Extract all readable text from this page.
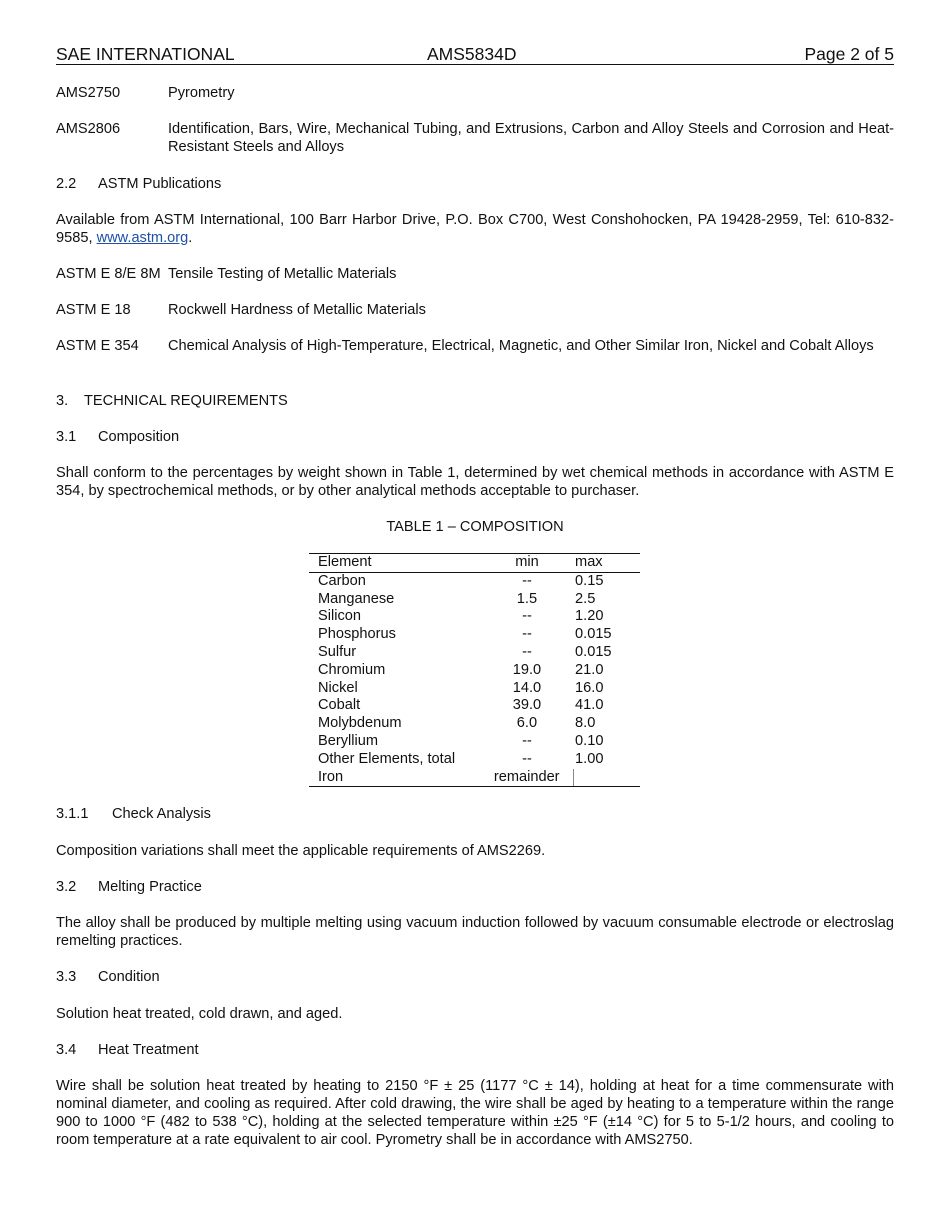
SAE INTERNATIONAL	AMS5834D	Page 2 of 5
AMS2750	Pyrometry
AMS2806	Identification, Bars, Wire, Mechanical Tubing, and Extrusions, Carbon and Alloy Steels and Corrosion and Heat-Resistant Steels and Alloys
2.2 ASTM Publications
Available from ASTM International, 100 Barr Harbor Drive, P.O. Box C700, West Conshohocken, PA 19428-2959, Tel: 610-832-9585, www.astm.org.
ASTM E 8/E 8M Tensile Testing of Metallic Materials
ASTM E 18	Rockwell Hardness of Metallic Materials
ASTM E 354	Chemical Analysis of High-Temperature, Electrical, Magnetic, and Other Similar Iron, Nickel and Cobalt Alloys
3. TECHNICAL REQUIREMENTS
3.1 Composition
Shall conform to the percentages by weight shown in Table 1, determined by wet chemical methods in accordance with ASTM E 354, by spectrochemical methods, or by other analytical methods acceptable to purchaser.
TABLE 1 – COMPOSITION
Element	min	max
Carbon	--	0.15
Manganese	1.5	2.5
Silicon	--	1.20
Phosphorus	--	0.015
Sulfur	--	0.015
Chromium	19.0	21.0
Nickel	14.0	16.0
Cobalt	39.0	41.0
Molybdenum	6.0	8.0
Beryllium	--	0.10
Other Elements, total	--	1.00
Iron	remainder	
3.1.1 Check Analysis
Composition variations shall meet the applicable requirements of AMS2269.
3.2 Melting Practice
The alloy shall be produced by multiple melting using vacuum induction followed by vacuum consumable electrode or electroslag remelting practices.
3.3 Condition
Solution heat treated, cold drawn, and aged.
3.4 Heat Treatment
Wire shall be solution heat treated by heating to 2150 °F ± 25 (1177 °C ± 14), holding at heat for a time commensurate with nominal diameter, and cooling as required. After cold drawing, the wire shall be aged by heating to a temperature within the range 900 to 1000 °F (482 to 538 °C), holding at the selected temperature within ±25 °F (±14 °C) for 5 to 5-1/2 hours, and cooling to room temperature at a rate equivalent to air cool. Pyrometry shall be in accordance with AMS2750.
